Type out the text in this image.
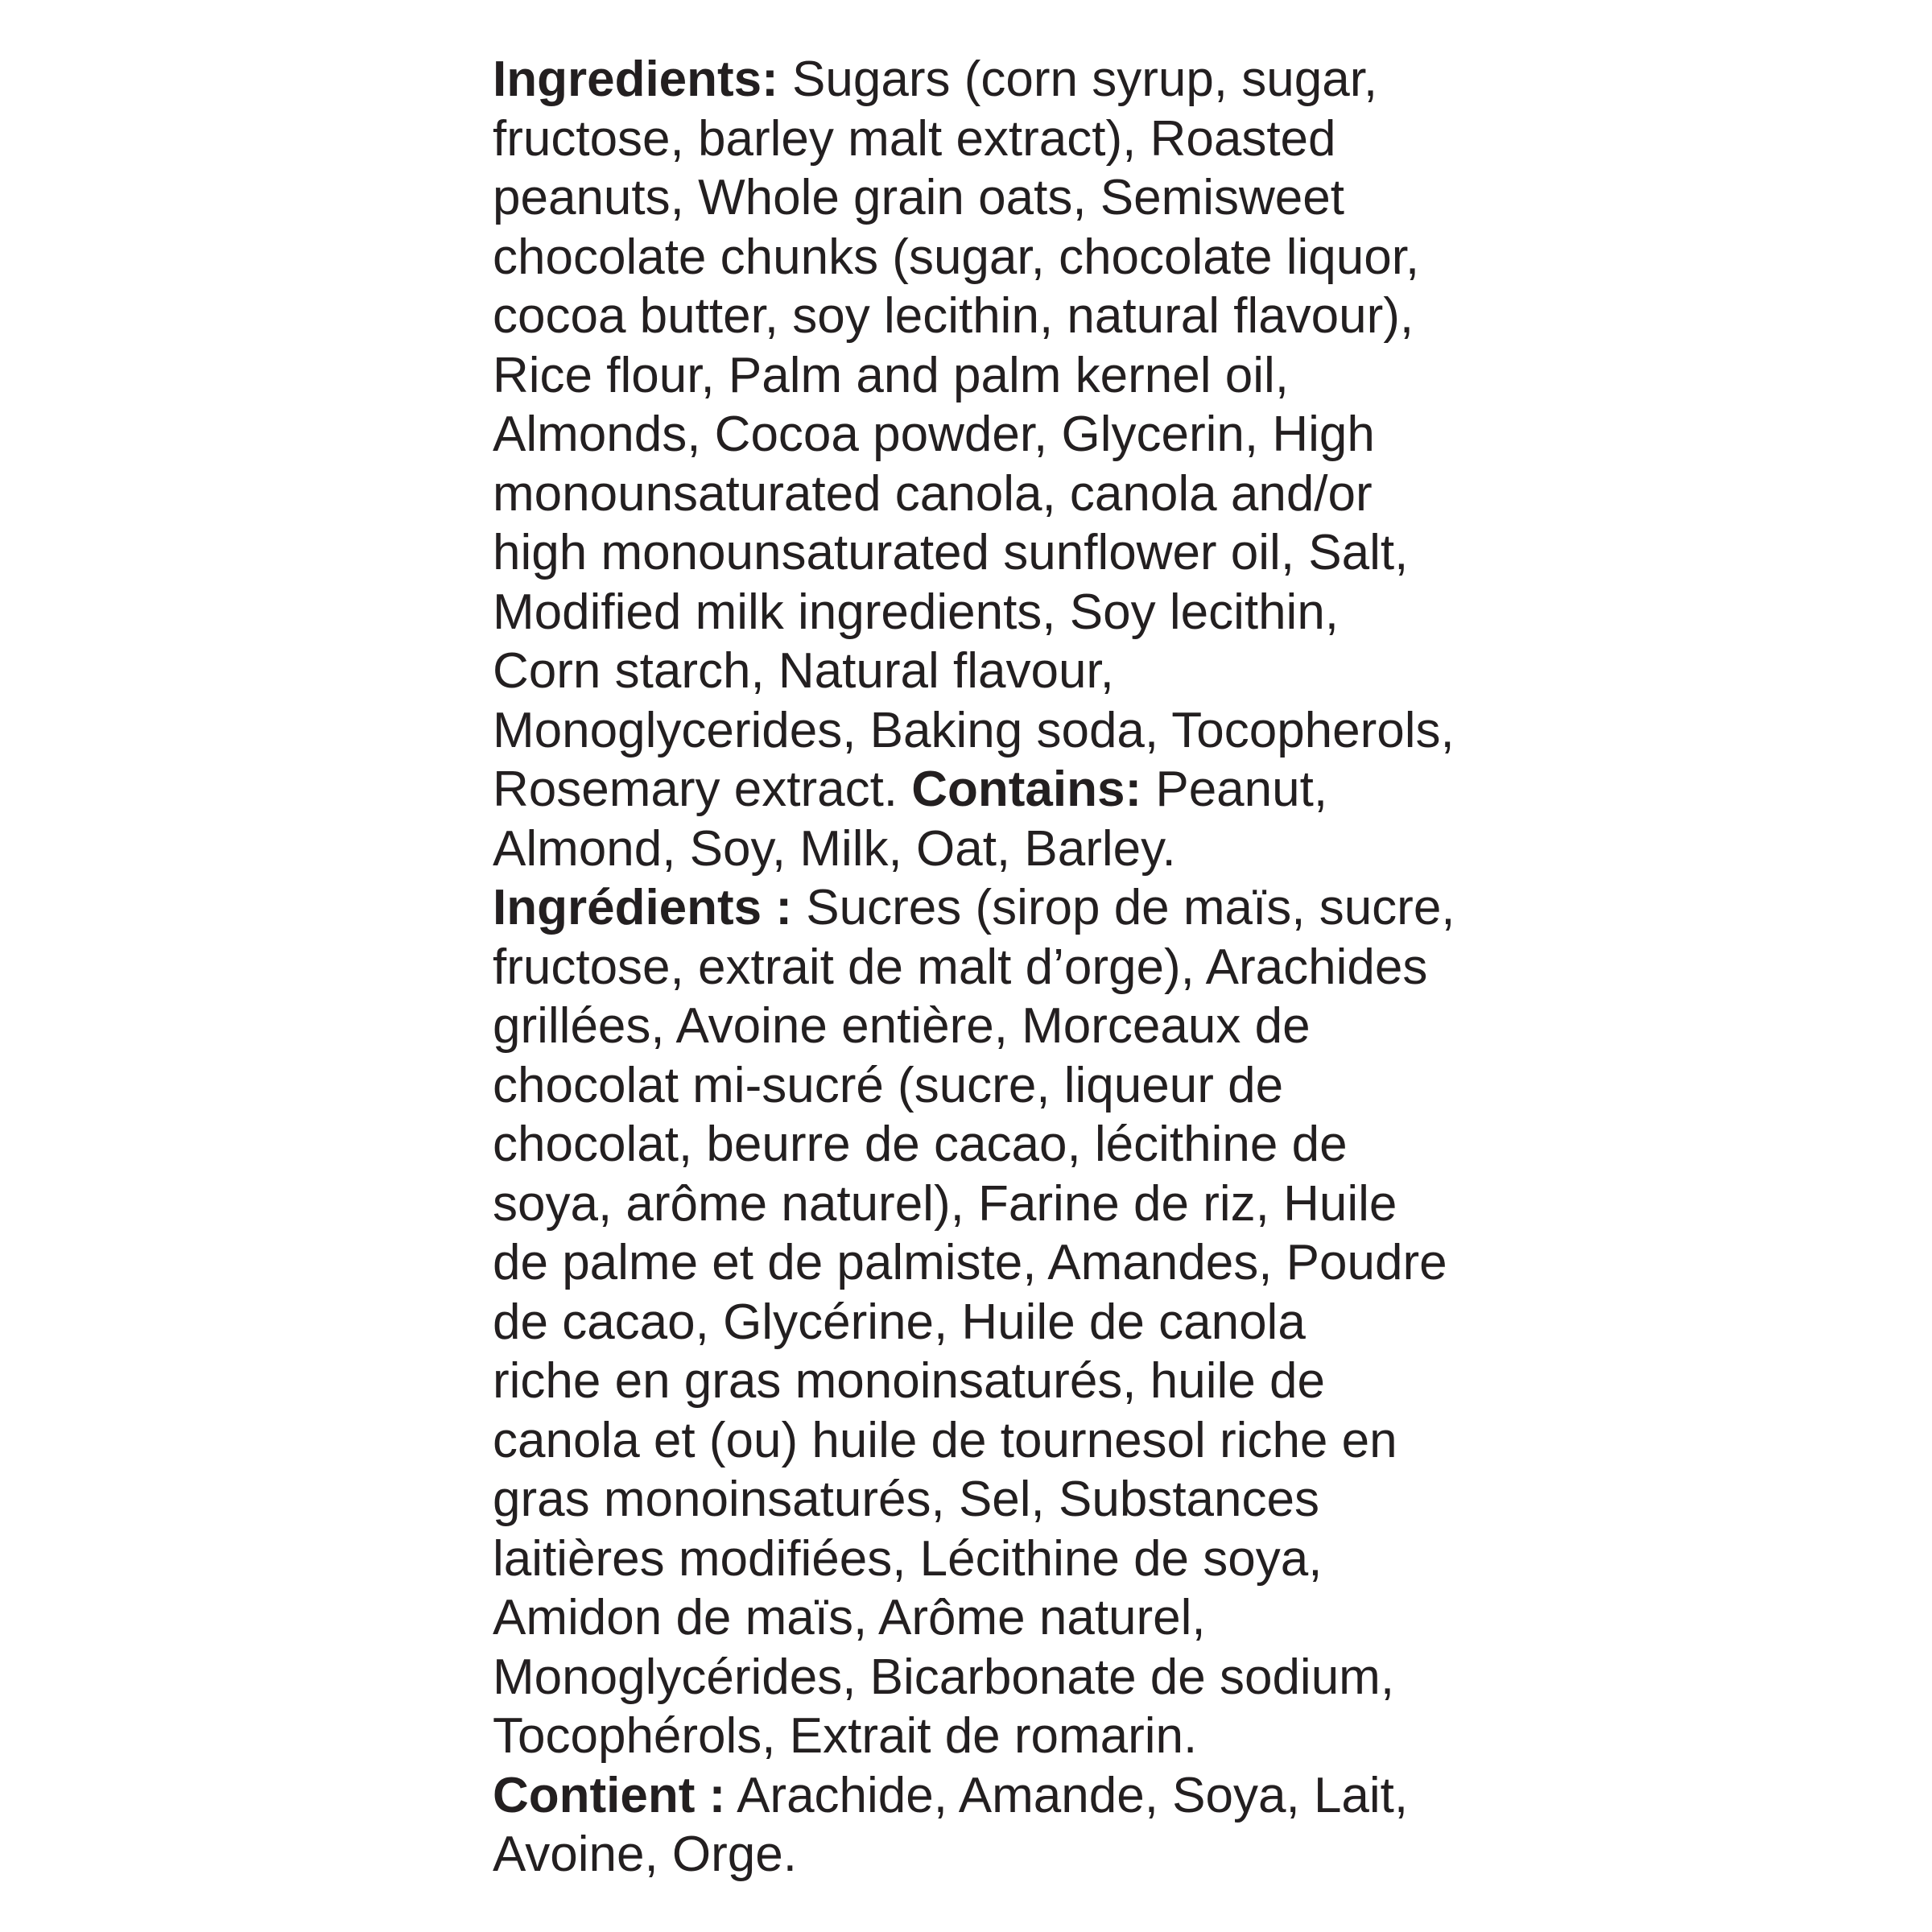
Ingredients: Sugars (corn syrup, sugar,
fructose, barley malt extract), Roasted
peanuts, Whole grain oats, Semisweet
chocolate chunks (sugar, chocolate liquor,
cocoa butter, soy lecithin, natural flavour),
Rice flour, Palm and palm kernel oil,
Almonds, Cocoa powder, Glycerin, High
monounsaturated canola, canola and/or
high monounsaturated sunflower oil, Salt,
Modified milk ingredients, Soy lecithin,
Corn starch, Natural flavour,
Monoglycerides, Baking soda, Tocopherols,
Rosemary extract. Contains: Peanut,
Almond, Soy, Milk, Oat, Barley.
Ingrédients : Sucres (sirop de maïs, sucre,
fructose, extrait de malt d’orge), Arachides
grillées, Avoine entière, Morceaux de
chocolat mi-sucré (sucre, liqueur de
chocolat, beurre de cacao, lécithine de
soya, arôme naturel), Farine de riz, Huile
de palme et de palmiste, Amandes, Poudre
de cacao, Glycérine, Huile de canola
riche en gras monoinsaturés, huile de
canola et (ou) huile de tournesol riche en
gras monoinsaturés, Sel, Substances
laitières modifiées, Lécithine de soya,
Amidon de maïs, Arôme naturel,
Monoglycérides, Bicarbonate de sodium,
Tocophérols, Extrait de romarin.
Contient : Arachide, Amande, Soya, Lait,
Avoine, Orge.
